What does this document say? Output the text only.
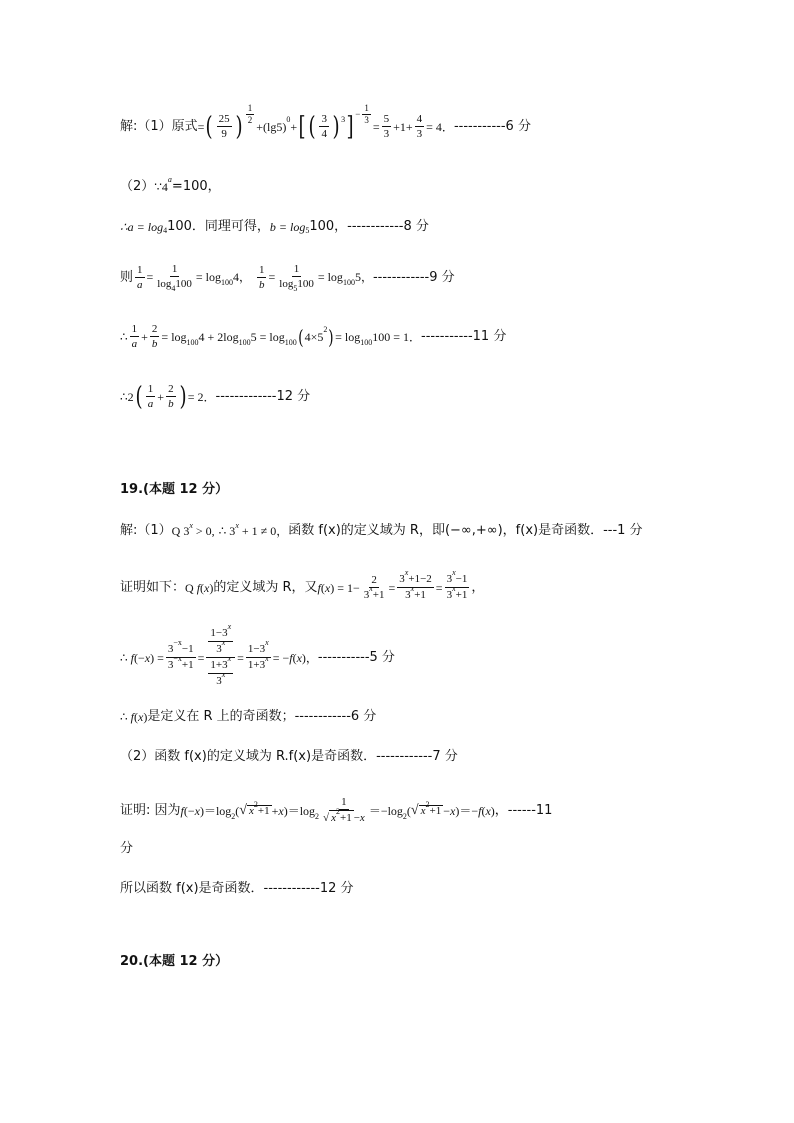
解:（1）原式 = ( $\frac{25}{9}$ ) $\frac{1}{2}$
+(lg5)
0
+ [ ( $\frac{3}{4}$ ) 3 ] − $\frac{1}{3}$
= $\frac{5}{3} +1+ \frac{4}{3} = 4$． -----------6 分
（2） ∵4
a =100，
∴a = log 4 100．同理可得， b = log 5 100， ------------8 分
则 $\frac{1}{a} = \frac{1}{\log_4100} = \log_{100}4$， $\frac{1}{b} = \frac{1}{\log_5100} = \log_{100}5$， ------------9 分
∴ $\frac{1}{a} + \frac{2}{b} = \log_{100}4 + 2\log_{100}5 = \log_{100}$ ( 4×5
2 ) = $\log_{100}100 = 1$． -----------11 分
∴2 ( $\frac{1}{a} + \frac{2}{b}$ ) = 2． -------------12 分
19.(本题 12 分）
解:（1） Q $3^x > 0$, ∴ $3^x + 1 \ne 0$， 函数 f(x)的定义域为 R，即(−∞,+∞)，f(x)是奇函数．---1 分
证明如下： Q f(x) 的定义域为 R，又 $f(x) = 1- \frac{2}{3^x+1} = \frac{3^x+1-2}{3^x+1} = \frac{3^x-1}{3^x+1}$ ，
∴ $f(-x) = \frac{3^{-x}-1}{3^{-x}+1} = 1-3^x$
3$^x$
$1+3^x$
$3^x = \frac{1-3^x}{1+3^x} = -f(x)$， -----------5 分
∴ f(x) 是定义在 R 上的奇函数；------------6 分
（2）函数 f(x)的定义域为 R.f(x)是奇函数．------------7 分
证明: 因为 $f(-x)=\log_2$( √ $x^2+1 +x)=\log_2 \frac{1}{√ x^2+1 -x} =-\log_2$( √ $x^2+1 -x)=-f(x)$ ，------11
分
所以函数 f(x)是奇函数．------------12 分
20.(本题 12 分）
